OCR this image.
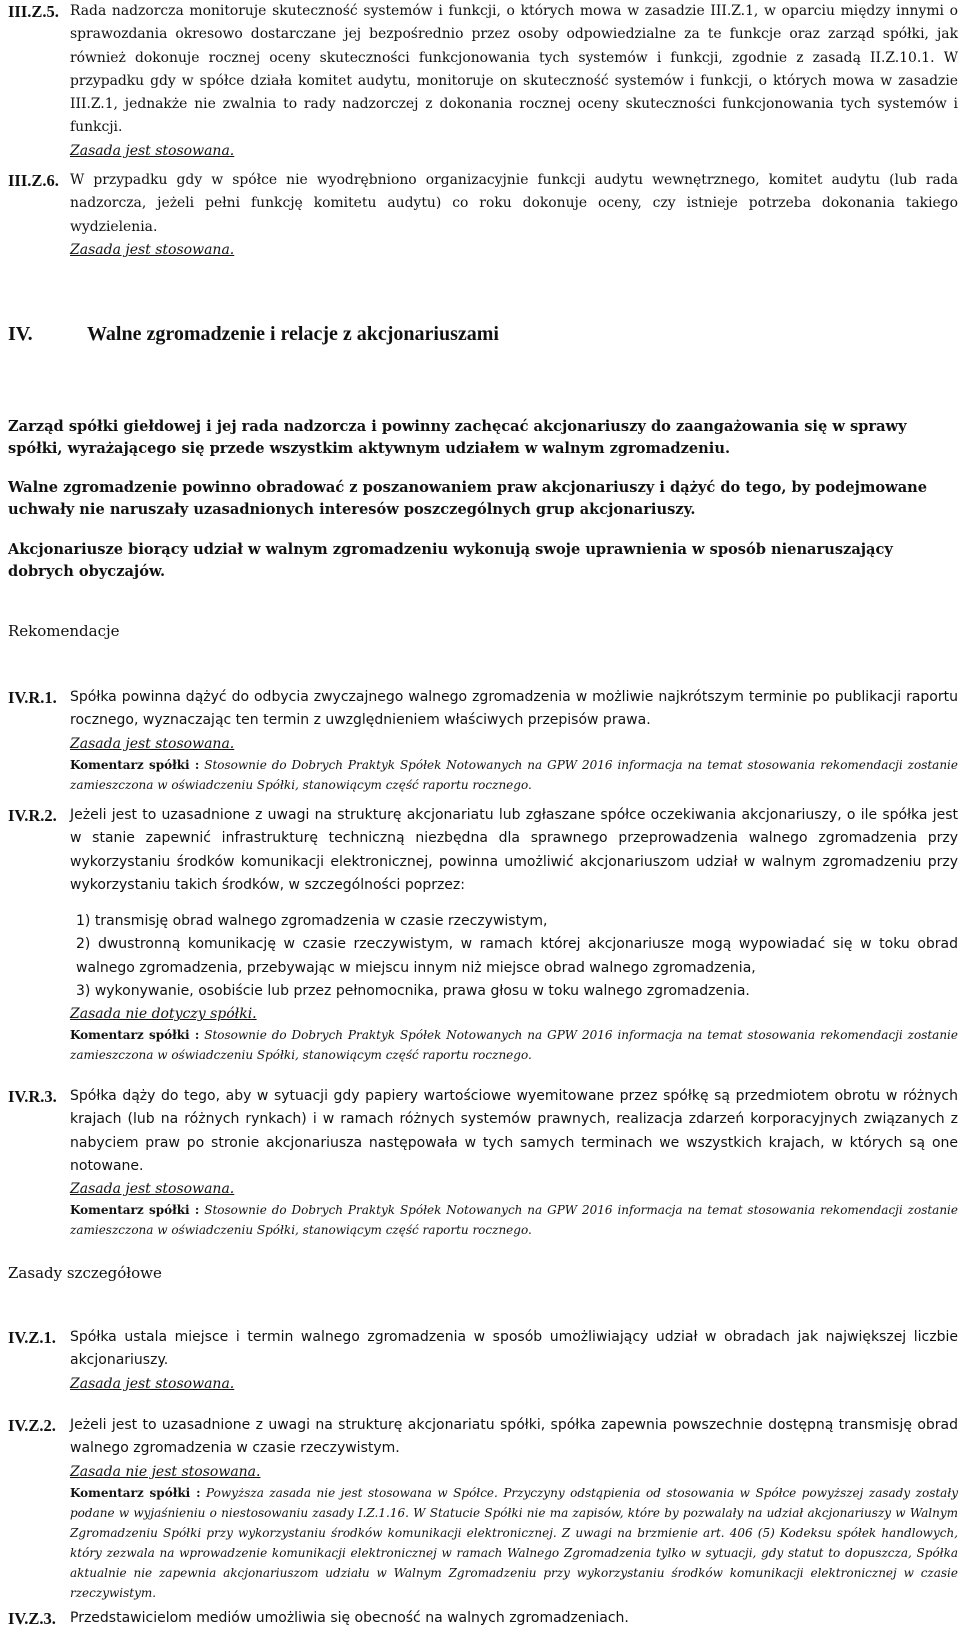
III.Z.5. Rada nadzorcza monitoruje skuteczność systemów i funkcji, o których mowa w zasadzie III.Z.1, w oparciu między innymi o sprawozdania okresowo dostarczane jej bezpośrednio przez osoby odpowiedzialne za te funkcje oraz zarząd spółki, jak również dokonuje rocznej oceny skuteczności funkcjonowania tych systemów i funkcji, zgodnie z zasadą II.Z.10.1. W przypadku gdy w spółce działa komitet audytu, monitoruje on skuteczność systemów i funkcji, o których mowa w zasadzie III.Z.1, jednakże nie zwalnia to rady nadzorczej z dokonania rocznej oceny skuteczności funkcjonowania tych systemów i funkcji.
Zasada jest stosowana.
III.Z.6. W przypadku gdy w spółce nie wyodrębniono organizacyjnie funkcji audytu wewnętrznego, komitet audytu (lub rada nadzorcza, jeżeli pełni funkcję komitetu audytu) co roku dokonuje oceny, czy istnieje potrzeba dokonania takiego wydzielenia.
Zasada jest stosowana.
IV.	Walne zgromadzenie i relacje z akcjonariuszami
Zarząd spółki giełdowej i jej rada nadzorcza i powinny zachęcać akcjonariuszy do zaangażowania się w sprawy spółki, wyrażającego się przede wszystkim aktywnym udziałem w walnym zgromadzeniu.
Walne zgromadzenie powinno obradować z poszanowaniem praw akcjonariuszy i dążyć do tego, by podejmowane uchwały nie naruszały uzasadnionych interesów poszczególnych grup akcjonariuszy.
Akcjonariusze biorący udział w walnym zgromadzeniu wykonują swoje uprawnienia w sposób nienaruszający dobrych obyczajów.
Rekomendacje
IV.R.1. Spółka powinna dążyć do odbycia zwyczajnego walnego zgromadzenia w możliwie najkrótszym terminie po publikacji raportu rocznego, wyznaczając ten termin z uwzględnieniem właściwych przepisów prawa.
Zasada jest stosowana.
Komentarz spółki : Stosownie do Dobrych Praktyk Spółek Notowanych na GPW 2016 informacja na temat stosowania rekomendacji zostanie zamieszczona w oświadczeniu Spółki, stanowiącym część raportu rocznego.
IV.R.2. Jeżeli jest to uzasadnione z uwagi na strukturę akcjonariatu lub zgłaszane spółce oczekiwania akcjonariuszy, o ile spółka jest w stanie zapewnić infrastrukturę techniczną niezbędna dla sprawnego przeprowadzenia walnego zgromadzenia przy wykorzystaniu środków komunikacji elektronicznej, powinna umożliwić akcjonariuszom udział w walnym zgromadzeniu przy wykorzystaniu takich środków, w szczególności poprzez:
1) transmisję obrad walnego zgromadzenia w czasie rzeczywistym,
2) dwustronną komunikację w czasie rzeczywistym, w ramach której akcjonariusze mogą wypowiadać się w toku obrad walnego zgromadzenia, przebywając w miejscu innym niż miejsce obrad walnego zgromadzenia,
3) wykonywanie, osobiście lub przez pełnomocnika, prawa głosu w toku walnego zgromadzenia.
Zasada nie dotyczy spółki.
Komentarz spółki : Stosownie do Dobrych Praktyk Spółek Notowanych na GPW 2016 informacja na temat stosowania rekomendacji zostanie zamieszczona w oświadczeniu Spółki, stanowiącym część raportu rocznego.
IV.R.3. Spółka dąży do tego, aby w sytuacji gdy papiery wartościowe wyemitowane przez spółkę są przedmiotem obrotu w różnych krajach (lub na różnych rynkach) i w ramach różnych systemów prawnych, realizacja zdarzeń korporacyjnych związanych z nabyciem praw po stronie akcjonariusza następowała w tych samych terminach we wszystkich krajach, w których są one notowane.
Zasada jest stosowana.
Komentarz spółki : Stosownie do Dobrych Praktyk Spółek Notowanych na GPW 2016 informacja na temat stosowania rekomendacji zostanie zamieszczona w oświadczeniu Spółki, stanowiącym część raportu rocznego.
Zasady szczegółowe
IV.Z.1. Spółka ustala miejsce i termin walnego zgromadzenia w sposób umożliwiający udział w obradach jak największej liczbie akcjonariuszy.
Zasada jest stosowana.
IV.Z.2. Jeżeli jest to uzasadnione z uwagi na strukturę akcjonariatu spółki, spółka zapewnia powszechnie dostępną transmisję obrad walnego zgromadzenia w czasie rzeczywistym.
Zasada nie jest stosowana.
Komentarz spółki : Powyższa zasada nie jest stosowana w Spółce. Przyczyny odstąpienia od stosowania w Spółce powyższej zasady zostały podane w wyjaśnieniu o niestosowaniu zasady I.Z.1.16. W Statucie Spółki nie ma zapisów, które by pozwalały na udział akcjonariuszy w Walnym Zgromadzeniu Spółki przy wykorzystaniu środków komunikacji elektronicznej. Z uwagi na brzmienie art. 406 (5) Kodeksu spółek handlowych, który zezwala na wprowadzenie komunikacji elektronicznej w ramach Walnego Zgromadzenia tylko w sytuacji, gdy statut to dopuszcza, Spółka aktualnie nie zapewnia akcjonariuszom udziału w Walnym Zgromadzeniu przy wykorzystaniu środków komunikacji elektronicznej w czasie rzeczywistym.
IV.Z.3. Przedstawicielom mediów umożliwia się obecność na walnych zgromadzeniach.
